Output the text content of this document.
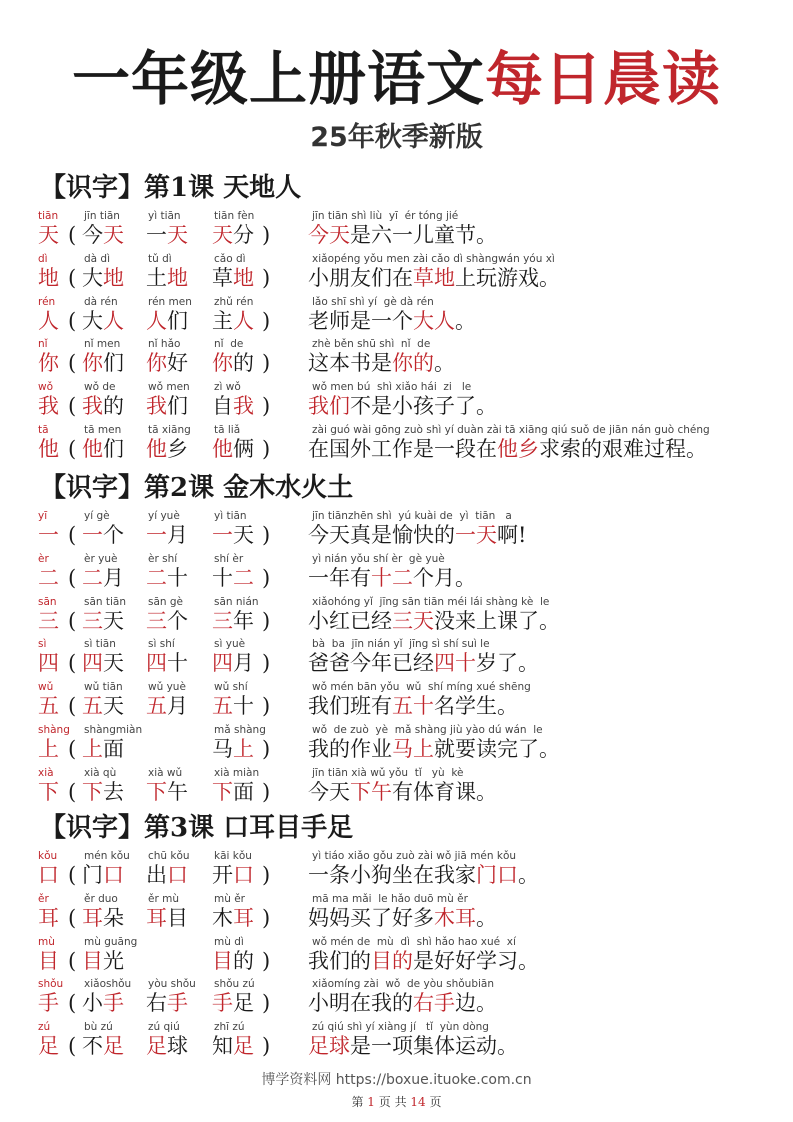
一年级上册语文每日晨读
25年秋季新版
【识字】第1课 天地人
tiān
天 (
jīn tiān
今天
yì tiān
一天
tiān fèn
天分 )
jīn tiān shì liù  yī  ér tóng jié
今天是六一儿童节。
dì
地 (
dà dì
大地
tǔ dì
土地
cǎo dì
草地 )
xiǎopéng yǒu men zài cǎo dì shàngwán yóu xì
小朋友们在草地上玩游戏。
rén
人 (
dà rén
大人
rén men
人们
zhǔ rén
主人 )
lǎo shī shì yí  gè dà rén
老师是一个大人。
nǐ
你 (
nǐ men
你们
nǐ hǎo
你好
nǐ  de
你的 )
zhè běn shū shì  nǐ  de
这本书是你的。
wǒ
我 (
wǒ de
我的
wǒ men
我们
zì wǒ
自我 )
wǒ men bú  shì xiǎo hái  zi   le
我们不是小孩子了。
tā
他 (
tā men
他们
tā xiāng
他乡
tā liǎ
他俩 )
zài guó wài gōng zuò shì yí duàn zài tā xiāng qiú suǒ de jiān nán guò chéng
在国外工作是一段在他乡求索的艰难过程。
【识字】第2课 金木水火土
yī
一 (
yí gè
一个
yí yuè
一月
yì tiān
一天 )
jīn tiānzhēn shì  yú kuài de  yì  tiān   a
今天真是愉快的一天啊!
èr
二 (
èr yuè
二月
èr shí
二十
shí èr
十二 )
yì nián yǒu shí èr  gè yuè
一年有十二个月。
sān
三 (
sān tiān
三天
sān gè
三个
sān nián
三年 )
xiǎohóng yǐ  jīng sān tiān méi lái shàng kè  le
小红已经三天没来上课了。
sì
四 (
sì tiān
四天
sì shí
四十
sì yuè
四月 )
bà  ba  jīn nián yǐ  jīng sì shí suì le
爸爸今年已经四十岁了。
wǔ
五 (
wǔ tiān
五天
wǔ yuè
五月
wǔ shí
五十 )
wǒ mén bān yǒu  wǔ  shí míng xué shēng
我们班有五十名学生。
shàng
上 (
shàngmiàn
上面
mǎ shàng
马上 )
wǒ  de zuò  yè  mǎ shàng jiù yào dú wán  le
我的作业马上就要读完了。
xià
下 (
xià qù
下去
xià wǔ
下午
xià miàn
下面 )
jīn tiān xià wǔ yǒu  tǐ   yù  kè
今天下午有体育课。
【识字】第3课 口耳目手足
kǒu
口 (
mén kǒu
门口
chū kǒu
出口
kāi kǒu
开口 )
yì tiáo xiǎo gǒu zuò zài wǒ jiā mén kǒu
一条小狗坐在我家门口。
ěr
耳 (
ěr duo
耳朵
ěr mù
耳目
mù ěr
木耳 )
mā ma mǎi  le hǎo duō mù ěr
妈妈买了好多木耳。
mù
目 (
mù guāng
目光
mù dì
目的 )
wǒ mén de  mù  dì  shì hǎo hao xué  xí
我们的目的是好好学习。
shǒu
手 (
xiǎoshǒu
小手
yòu shǒu
右手
shǒu zú
手足 )
xiǎomíng zài  wǒ  de yòu shǒubiān
小明在我的右手边。
zú
足 (
bù zú
不足
zú qiú
足球
zhī zú
知足 )
zú qiú shì yí xiàng jí   tǐ  yùn dòng
足球是一项集体运动。
博学资料网 https://boxue.ituoke.com.cn
第 1 页 共 14 页
